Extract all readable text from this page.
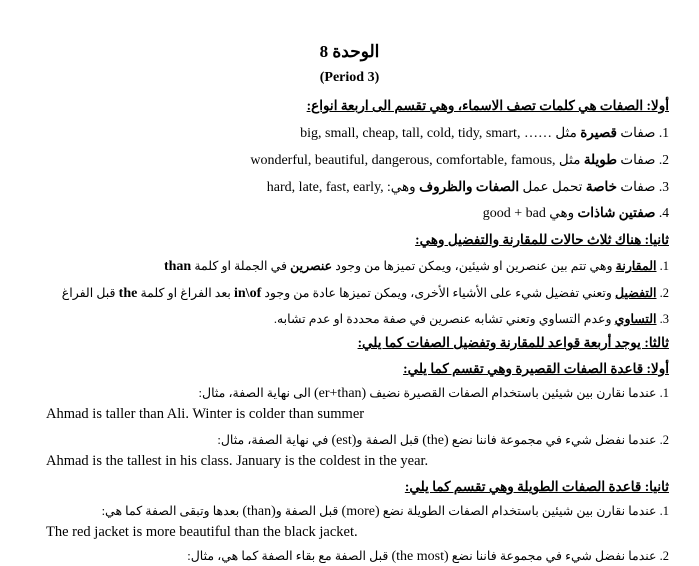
الوحدة 8
(Period 3)
أولا: الصفات هي كلمات تصف الاسماء، وهي تقسم الى اربعة انواع:
1. صفات قصيرة مثل big, small, cheap, tall, cold, tidy, smart, ……
2. صفات طويلة مثل wonderful, beautiful, dangerous, comfortable, famous,
3. صفات خاصة تحمل عمل الصفات والظروف وهي: hard, late, fast, early,
4. صفتين شاذات وهي good + bad
ثانيا: هناك ثلاث حالات للمقارنة والتفضيل وهي:
1. المقارنة وهي تتم بين عنصرين او شيئين، ويمكن تميزها من وجود عنصرين في الجملة او كلمة than
2. التفضيل وتعني تفضيل شيء على الأشياء الأخرى، ويمكن تميزها عادة من وجود in\of بعد الفراغ او كلمة the قبل الفراغ
3. التساوي وعدم التساوي وتعني تشابه عنصرين في صفة محددة او عدم تشابه.
ثالثا: يوجد أربعة قواعد للمقارنة وتفضيل الصفات كما يلي:
أولا: قاعدة الصفات القصيرة وهي تقسم كما يلي:
1. عندما نقارن بين شيئين باستخدام الصفات القصيرة نضيف (er+than) الى نهاية الصفة، مثال:
Ahmad is taller than Ali. Winter is colder than summer
2. عندما نفضل شيء في مجموعة فاننا نضع (the) قبل الصفة و(est) في نهاية الصفة، مثال:
Ahmad is the tallest in his class. January is the coldest in the year.
ثانيا: قاعدة الصفات الطويلة وهي تقسم كما يلي:
1. عندما نقارن بين شيئين باستخدام الصفات الطويلة نضع (more) قبل الصفة و(than) بعدها وتبقى الصفة كما هي:
The red jacket is more beautiful than the black jacket.
2. عندما نفضل شيء في مجموعة فاننا نضع (the most) قبل الصفة مع بقاء الصفة كما هي، مثال:
